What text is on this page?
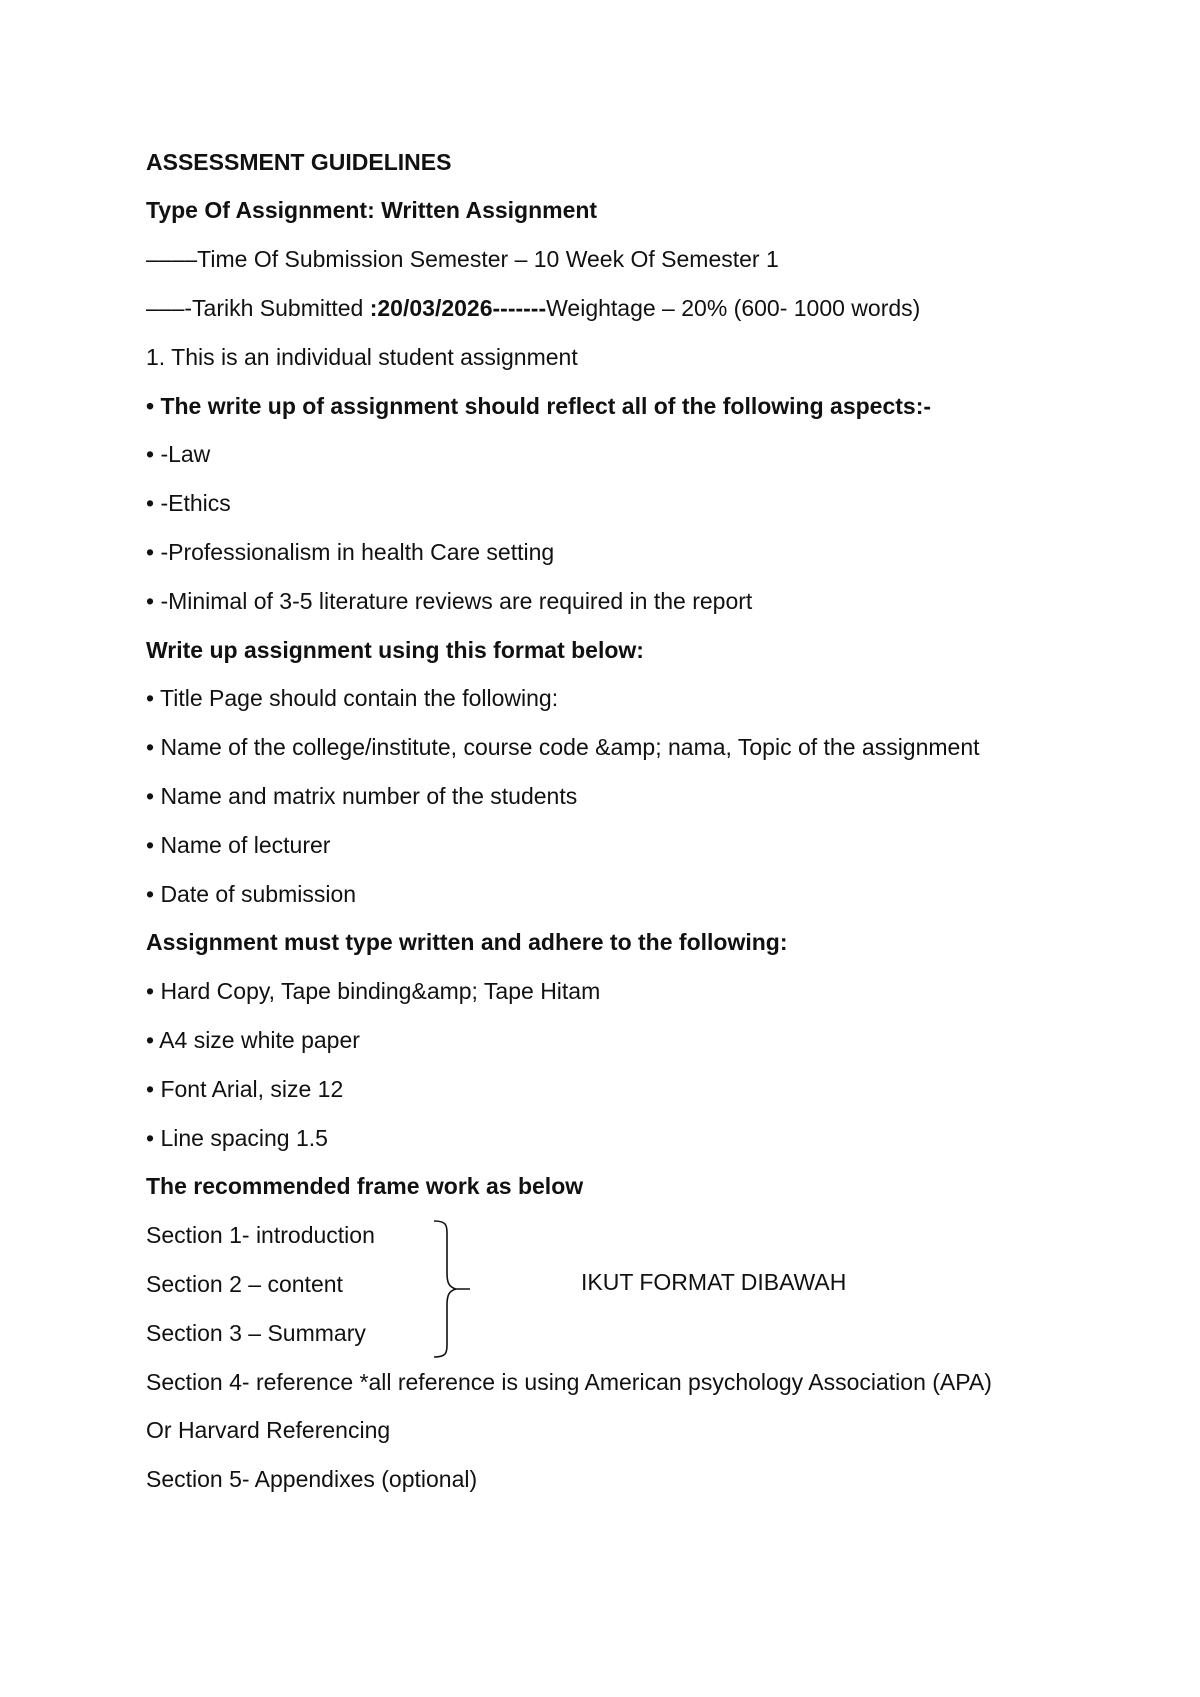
ASSESSMENT GUIDELINES
Type Of Assignment: Written Assignment
––––Time Of Submission Semester – 10 Week Of Semester 1
–––-Tarikh Submitted :20/03/2026-------Weightage – 20% (600- 1000 words)
1. This is an individual student assignment
• The write up of assignment should reflect all of the following aspects:-
• -Law
• -Ethics
• -Professionalism in health Care setting
• -Minimal of 3-5 literature reviews are required in the report
Write up assignment using this format below:
• Title Page should contain the following:
• Name of the college/institute, course code &amp; nama, Topic of the assignment
• Name and matrix number of the students
• Name of lecturer
• Date of submission
Assignment must type written and adhere to the following:
• Hard Copy, Tape binding&amp; Tape Hitam
• A4 size white paper
• Font Arial, size 12
• Line spacing 1.5
The recommended frame work as below
Section 1- introduction
Section 2 – content
Section 3 – Summary
IKUT FORMAT DIBAWAH
Section 4- reference *all reference is using American psychology Association (APA)
Or Harvard Referencing
Section 5- Appendixes (optional)
